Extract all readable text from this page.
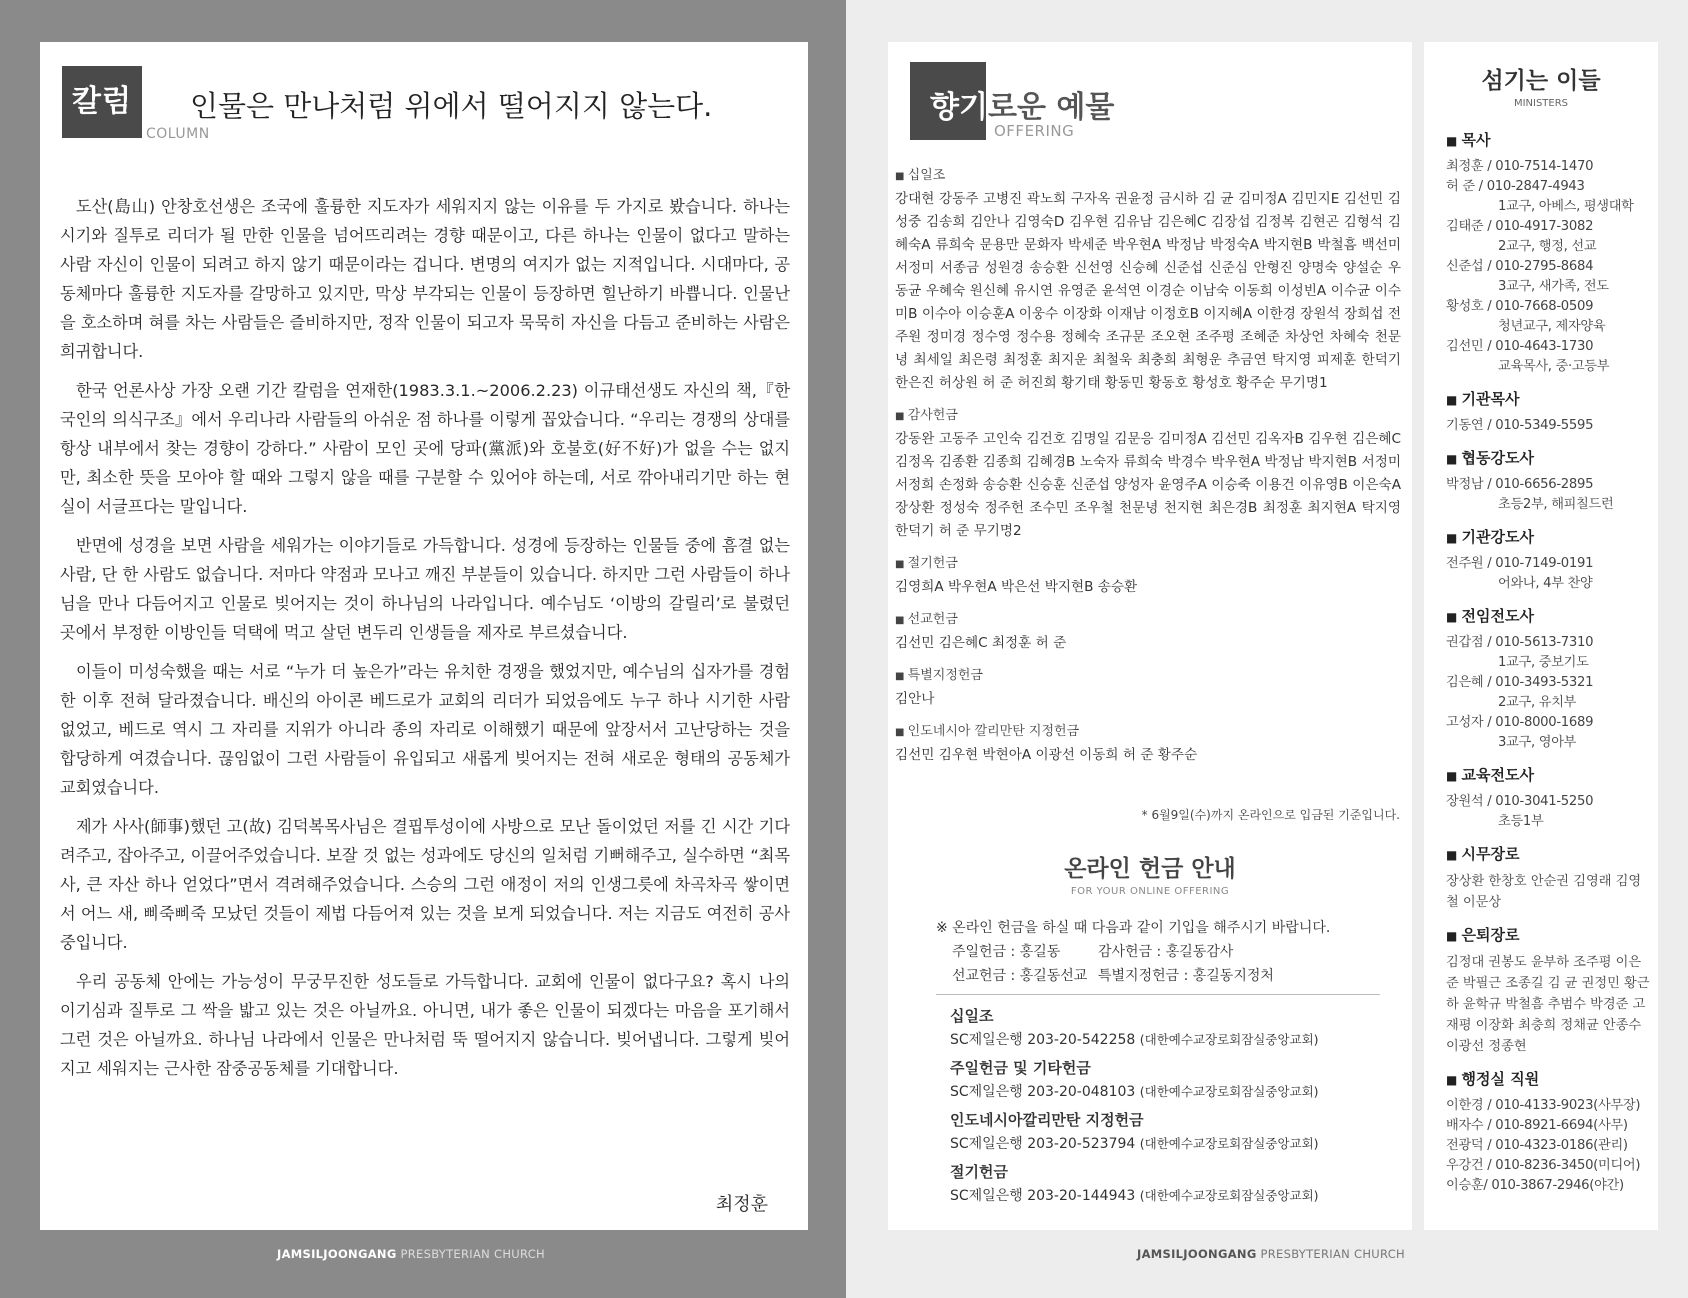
칼럼
COLUMN
인물은 만나처럼 위에서 떨어지지 않는다.

도산(島山) 안창호선생은 조국에 훌륭한 지도자가 세워지지 않는 이유를 두 가지로 봤습니다. 하나는 시기와 질투로 리더가 될 만한 인물을 넘어뜨리려는 경향 때문이고, 다른 하나는 인물이 없다고 말하는 사람 자신이 인물이 되려고 하지 않기 때문이라는 겁니다. 변명의 여지가 없는 지적입니다. 시대마다, 공동체마다 훌륭한 지도자를 갈망하고 있지만, 막상 부각되는 인물이 등장하면 힐난하기 바쁩니다. 인물난을 호소하며 혀를 차는 사람들은 즐비하지만, 정작 인물이 되고자 묵묵히 자신을 다듬고 준비하는 사람은 희귀합니다.

한국 언론사상 가장 오랜 기간 칼럼을 연재한(1983.3.1.~2006.2.23) 이규태선생도 자신의 책,『한국인의 의식구조』에서 우리나라 사람들의 아쉬운 점 하나를 이렇게 꼽았습니다. “우리는 경쟁의 상대를 항상 내부에서 찾는 경향이 강하다.” 사람이 모인 곳에 당파(黨派)와 호불호(好不好)가 없을 수는 없지만, 최소한 뜻을 모아야 할 때와 그렇지 않을 때를 구분할 수 있어야 하는데, 서로 깎아내리기만 하는 현실이 서글프다는 말입니다.

반면에 성경을 보면 사람을 세워가는 이야기들로 가득합니다. 성경에 등장하는 인물들 중에 흠결 없는 사람, 단 한 사람도 없습니다. 저마다 약점과 모나고 깨진 부분들이 있습니다. 하지만 그런 사람들이 하나님을 만나 다듬어지고 인물로 빚어지는 것이 하나님의 나라입니다. 예수님도 ‘이방의 갈릴리’로 불렸던 곳에서 부정한 이방인들 덕택에 먹고 살던 변두리 인생들을 제자로 부르셨습니다.

이들이 미성숙했을 때는 서로 “누가 더 높은가”라는 유치한 경쟁을 했었지만, 예수님의 십자가를 경험한 이후 전혀 달라졌습니다. 배신의 아이콘 베드로가 교회의 리더가 되었음에도 누구 하나 시기한 사람 없었고, 베드로 역시 그 자리를 지위가 아니라 종의 자리로 이해했기 때문에 앞장서서 고난당하는 것을 합당하게 여겼습니다. 끊임없이 그런 사람들이 유입되고 새롭게 빚어지는 전혀 새로운 형태의 공동체가 교회였습니다.

제가 사사(師事)했던 고(故) 김덕복목사님은 결핍투성이에 사방으로 모난 돌이었던 저를 긴 시간 기다려주고, 잡아주고, 이끌어주었습니다. 보잘 것 없는 성과에도 당신의 일처럼 기뻐해주고, 실수하면 “최목사, 큰 자산 하나 얻었다”면서 격려해주었습니다. 스승의 그런 애정이 저의 인생그릇에 차곡차곡 쌓이면서 어느 새, 삐죽삐죽 모났던 것들이 제법 다듬어져 있는 것을 보게 되었습니다. 저는 지금도 여전히 공사 중입니다.

우리 공동체 안에는 가능성이 무궁무진한 성도들로 가득합니다. 교회에 인물이 없다구요? 혹시 나의 이기심과 질투로 그 싹을 밟고 있는 것은 아닐까요. 아니면, 내가 좋은 인물이 되겠다는 마음을 포기해서 그런 것은 아닐까요. 하나님 나라에서 인물은 만나처럼 뚝 떨어지지 않습니다. 빚어냅니다. 그렇게 빚어지고 세워지는 근사한 잠중공동체를 기대합니다.

최정훈
JAMSILJOONGANG PRESBYTERIAN CHURCH
향기로운 예물
OFFERING
■ 십일조
강대현 강동주 고병진 곽노희 구자옥 권윤정 금시하 김 균 김미정A 김민지E 김선민 김성중 김송희 김안나 김영숙D 김우현 김유남 김은혜C 김장섭 김정복 김현곤 김형석 김혜숙A 류희숙 문용만 문화자 박세준 박우현A 박정남 박정숙A 박지현B 박철흠 백선미 서정미 서종금 성원경 송승환 신선영 신승혜 신준섭 신준심 안형진 양명숙 양설순 우동균 우혜숙 원신혜 유시연 유영준 윤석연 이경순 이남숙 이동희 이성빈A 이수균 이수미B 이수아 이승훈A 이웅수 이장화 이재남 이정호B 이지혜A 이한경 장원석 장희섭 전주원 정미경 정수영 정수용 정혜숙 조규문 조오현 조주평 조혜준 차상언 차혜숙 천문녕 최세일 최은령 최정훈 최지운 최철욱 최충희 최형운 추금연 탁지영 피제훈 한덕기 한은진 허상원 허 준 허진희 황기태 황동민 황동호 황성호 황주순 무기명1
■ 감사헌금
강동완 고동주 고인숙 김건호 김명일 김문응 김미정A 김선민 김옥자B 김우현 김은혜C 김정옥 김종환 김종희 김혜경B 노숙자 류희숙 박경수 박우현A 박정남 박지현B 서정미 서정희 손정화 송승환 신승훈 신준섭 양성자 윤영주A 이승죽 이용건 이유영B 이은숙A 장상환 정성숙 정주헌 조수민 조우철 천문녕 천지현 최은경B 최정훈 최지현A 탁지영 한덕기 허 준 무기명2
■ 절기헌금
김영희A 박우현A 박은선 박지현B 송승환
■ 선교헌금
김선민 김은혜C 최정훈 허 준
■ 특별지정헌금
김안나
■ 인도네시아 깔리만탄 지정헌금
김선민 김우현 박현아A 이광선 이동희 허 준 황주순
* 6월9일(수)까지 온라인으로 입금된 기준입니다.
온라인 헌금 안내
FOR YOUR ONLINE OFFERING
※ 온라인 헌금을 하실 때 다음과 같이 기입을 해주시기 바랍니다.
주일헌금 : 홍길동	감사헌금 : 홍길동감사
선교헌금 : 홍길동선교 특별지정헌금 : 홍길동지정처
십일조
SC제일은행 203-20-542258 (대한예수교장로회잠실중앙교회)
주일헌금 및 기타헌금
SC제일은행 203-20-048103 (대한예수교장로회잠실중앙교회)
인도네시아깔리만탄 지정헌금
SC제일은행 203-20-523794 (대한예수교장로회잠실중앙교회)
절기헌금
SC제일은행 203-20-144943 (대한예수교장로회잠실중앙교회)
섬기는 이들
MINISTERS
■ 목사
최정훈 / 010-7514-1470
허 준 / 010-2847-4943
1교구, 아베스, 평생대학
김태준 / 010-4917-3082
2교구, 행정, 선교
신준섭 / 010-2795-8684
3교구, 새가족, 전도
황성호 / 010-7668-0509
청년교구, 제자양육
김선민 / 010-4643-1730
교육목사, 중·고등부
■ 기관목사
기동연 / 010-5349-5595
■ 협동강도사
박정남 / 010-6656-2895
초등2부, 해피칠드런
■ 기관강도사
전주원 / 010-7149-0191
어와나, 4부 찬양
■ 전임전도사
권갑점 / 010-5613-7310
1교구, 중보기도
김은혜 / 010-3493-5321
2교구, 유치부
고성자 / 010-8000-1689
3교구, 영아부
■ 교육전도사
장원석 / 010-3041-5250
초등1부
■ 시무장로
장상환 한창호 안순권 김영래 김영철 이문상
■ 은퇴장로
김정대 권봉도 윤부하 조주평 이은준 박필근 조종길 김 균 권정민 황근하 윤학규 박철흠 추범수 박경준 고재평 이장화 최충희 정채균 안종수 이광선 정종현
■ 행정실 직원
이한경 / 010-4133-9023(사무장)
배자수 / 010-8921-6694(사무)
전광덕 / 010-4323-0186(관리)
우강건 / 010-8236-3450(미디어)
이승훈/ 010-3867-2946(야간)
JAMSILJOONGANG PRESBYTERIAN CHURCH
